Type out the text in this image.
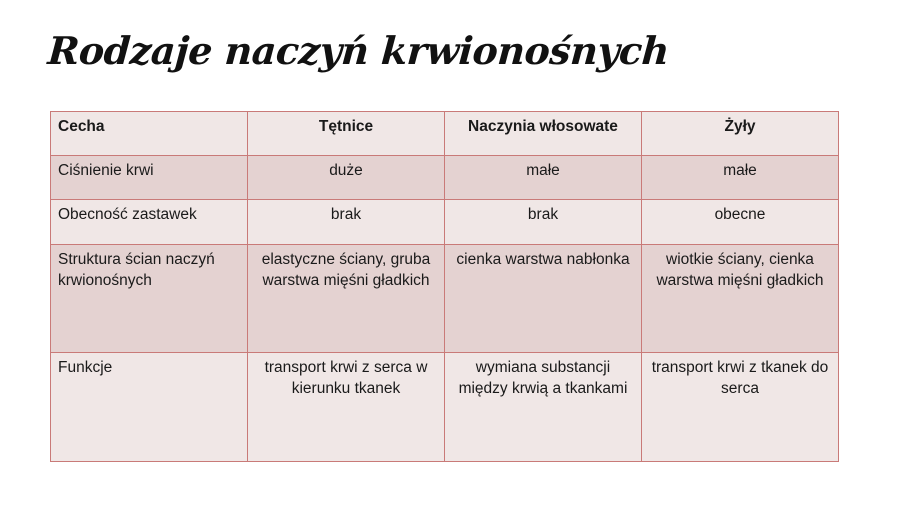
Rodzaje naczyń krwionośnych
Cecha	Tętnice	Naczynia włosowate	Żyły
Ciśnienie krwi	duże	małe	małe
Obecność zastawek	brak	brak	obecne
Struktura ścian naczyń krwionośnych	elastyczne ściany, gruba warstwa mięśni gładkich	cienka warstwa nabłonka	wiotkie ściany, cienka warstwa mięśni gładkich
Funkcje	transport krwi z serca w kierunku tkanek	wymiana substancji między krwią a tkankami	transport krwi z tkanek do serca
